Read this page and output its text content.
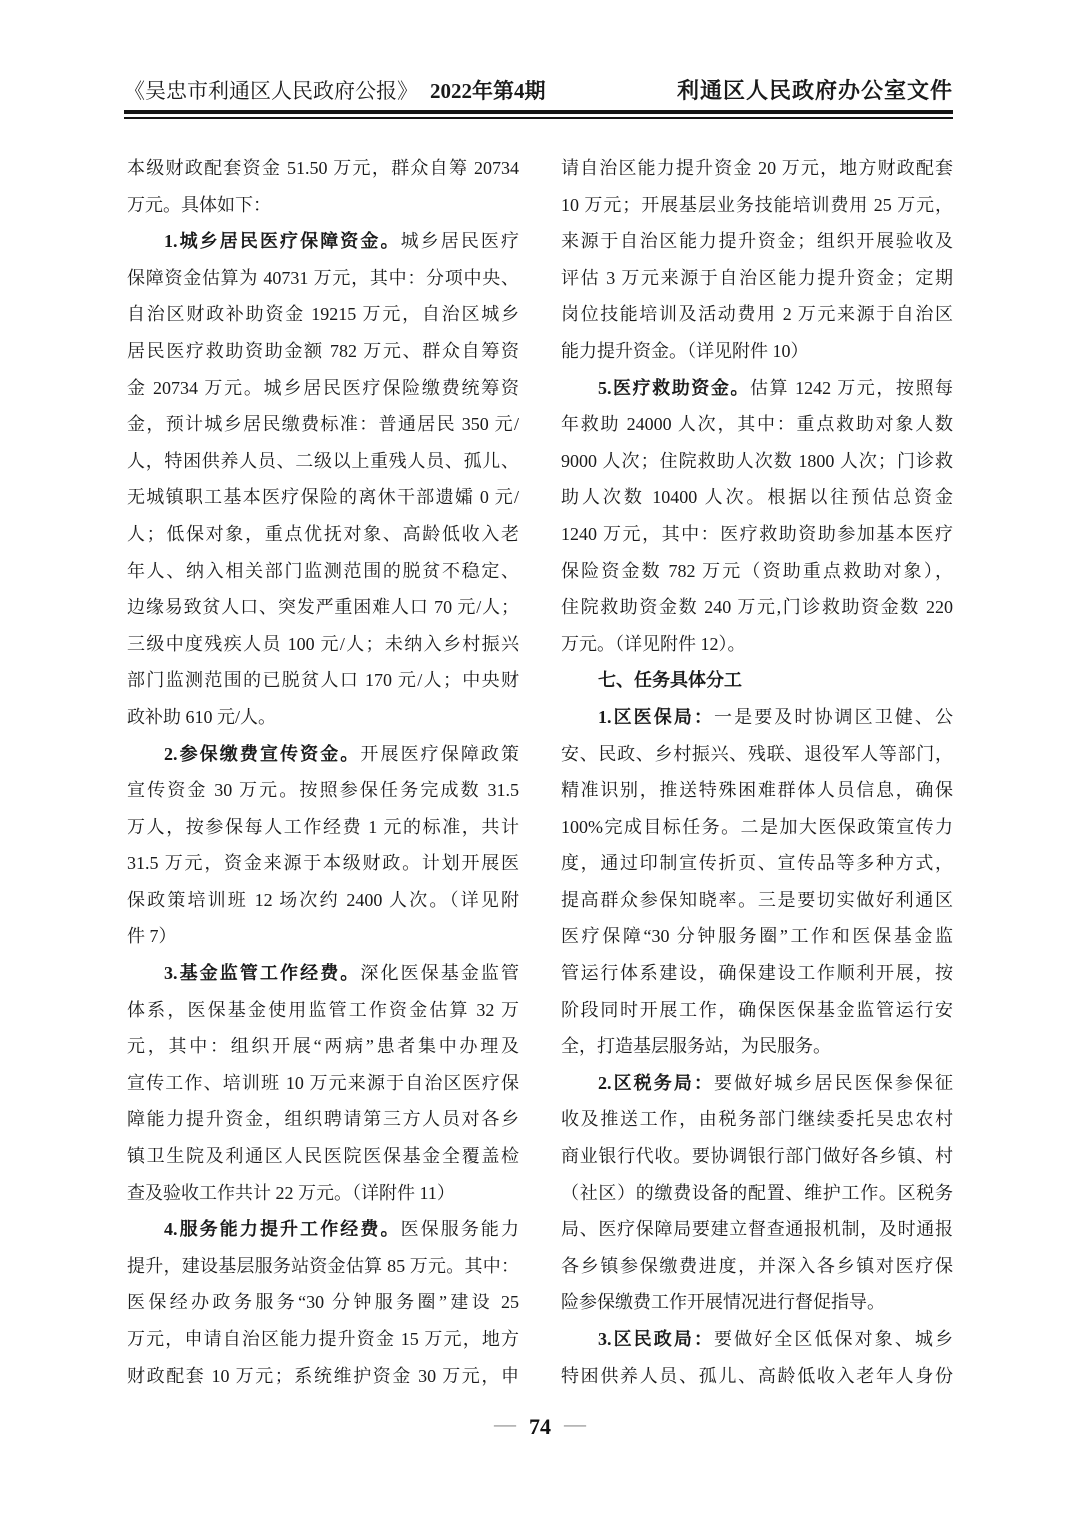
《吴忠市利通区人民政府公报》 2022年第4期	利通区人民政府办公室文件
本级财政配套资金 51.50 万元，群众自筹 20734
万元。具体如下：
1.城乡居民医疗保障资金。城乡居民医疗
保障资金估算为 40731 万元，其中：分项中央、
自治区财政补助资金 19215 万元，自治区城乡
居民医疗救助资助金额 782 万元、群众自筹资
金 20734 万元。城乡居民医疗保险缴费统筹资
金，预计城乡居民缴费标准：普通居民 350 元/
人，特困供养人员、二级以上重残人员、孤儿、
无城镇职工基本医疗保险的离休干部遗孀 0 元/
人；低保对象，重点优抚对象、高龄低收入老
年人、纳入相关部门监测范围的脱贫不稳定、
边缘易致贫人口、突发严重困难人口 70 元/人；
三级中度残疾人员 100 元/人；未纳入乡村振兴
部门监测范围的已脱贫人口 170 元/人；中央财
政补助 610 元/人。
2.参保缴费宣传资金。开展医疗保障政策
宣传资金 30 万元。按照参保任务完成数 31.5
万人，按参保每人工作经费 1 元的标准，共计
31.5 万元，资金来源于本级财政。计划开展医
保政策培训班 12 场次约 2400 人次。（详见附
件 7）
3.基金监管工作经费。深化医保基金监管
体系，医保基金使用监管工作资金估算 32 万
元，其中：组织开展“两病”患者集中办理及
宣传工作、培训班 10 万元来源于自治区医疗保
障能力提升资金，组织聘请第三方人员对各乡
镇卫生院及利通区人民医院医保基金全覆盖检
查及验收工作共计 22 万元。（详附件 11）
4.服务能力提升工作经费。医保服务能力
提升，建设基层服务站资金估算 85 万元。其中：
医保经办政务服务“30 分钟服务圈”建设 25
万元，申请自治区能力提升资金 15 万元，地方
财政配套 10 万元；系统维护资金 30 万元，申
请自治区能力提升资金 20 万元，地方财政配套
10 万元；开展基层业务技能培训费用 25 万元，
来源于自治区能力提升资金；组织开展验收及
评估 3 万元来源于自治区能力提升资金；定期
岗位技能培训及活动费用 2 万元来源于自治区
能力提升资金。（详见附件 10）
5.医疗救助资金。估算 1242 万元，按照每
年救助 24000 人次，其中：重点救助对象人数
9000 人次；住院救助人次数 1800 人次；门诊救
助人次数 10400 人次。根据以往预估总资金
1240 万元，其中：医疗救助资助参加基本医疗
保险资金数 782 万元（资助重点救助对象），
住院救助资金数 240 万元,门诊救助资金数 220
万元。（详见附件 12）。
七、任务具体分工
1.区医保局：一是要及时协调区卫健、公
安、民政、乡村振兴、残联、退役军人等部门，
精准识别，推送特殊困难群体人员信息，确保
100%完成目标任务。二是加大医保政策宣传力
度，通过印制宣传折页、宣传品等多种方式，
提高群众参保知晓率。三是要切实做好利通区
医疗保障“30 分钟服务圈”工作和医保基金监
管运行体系建设，确保建设工作顺利开展，按
阶段同时开展工作，确保医保基金监管运行安
全，打造基层服务站，为民服务。
2.区税务局：要做好城乡居民医保参保征
收及推送工作，由税务部门继续委托吴忠农村
商业银行代收。要协调银行部门做好各乡镇、村
（社区）的缴费设备的配置、维护工作。区税务
局、医疗保障局要建立督查通报机制，及时通报
各乡镇参保缴费进度，并深入各乡镇对医疗保
险参保缴费工作开展情况进行督促指导。
3.区民政局：要做好全区低保对象、城乡
特困供养人员、孤儿、高龄低收入老年人身份
— 74 —
